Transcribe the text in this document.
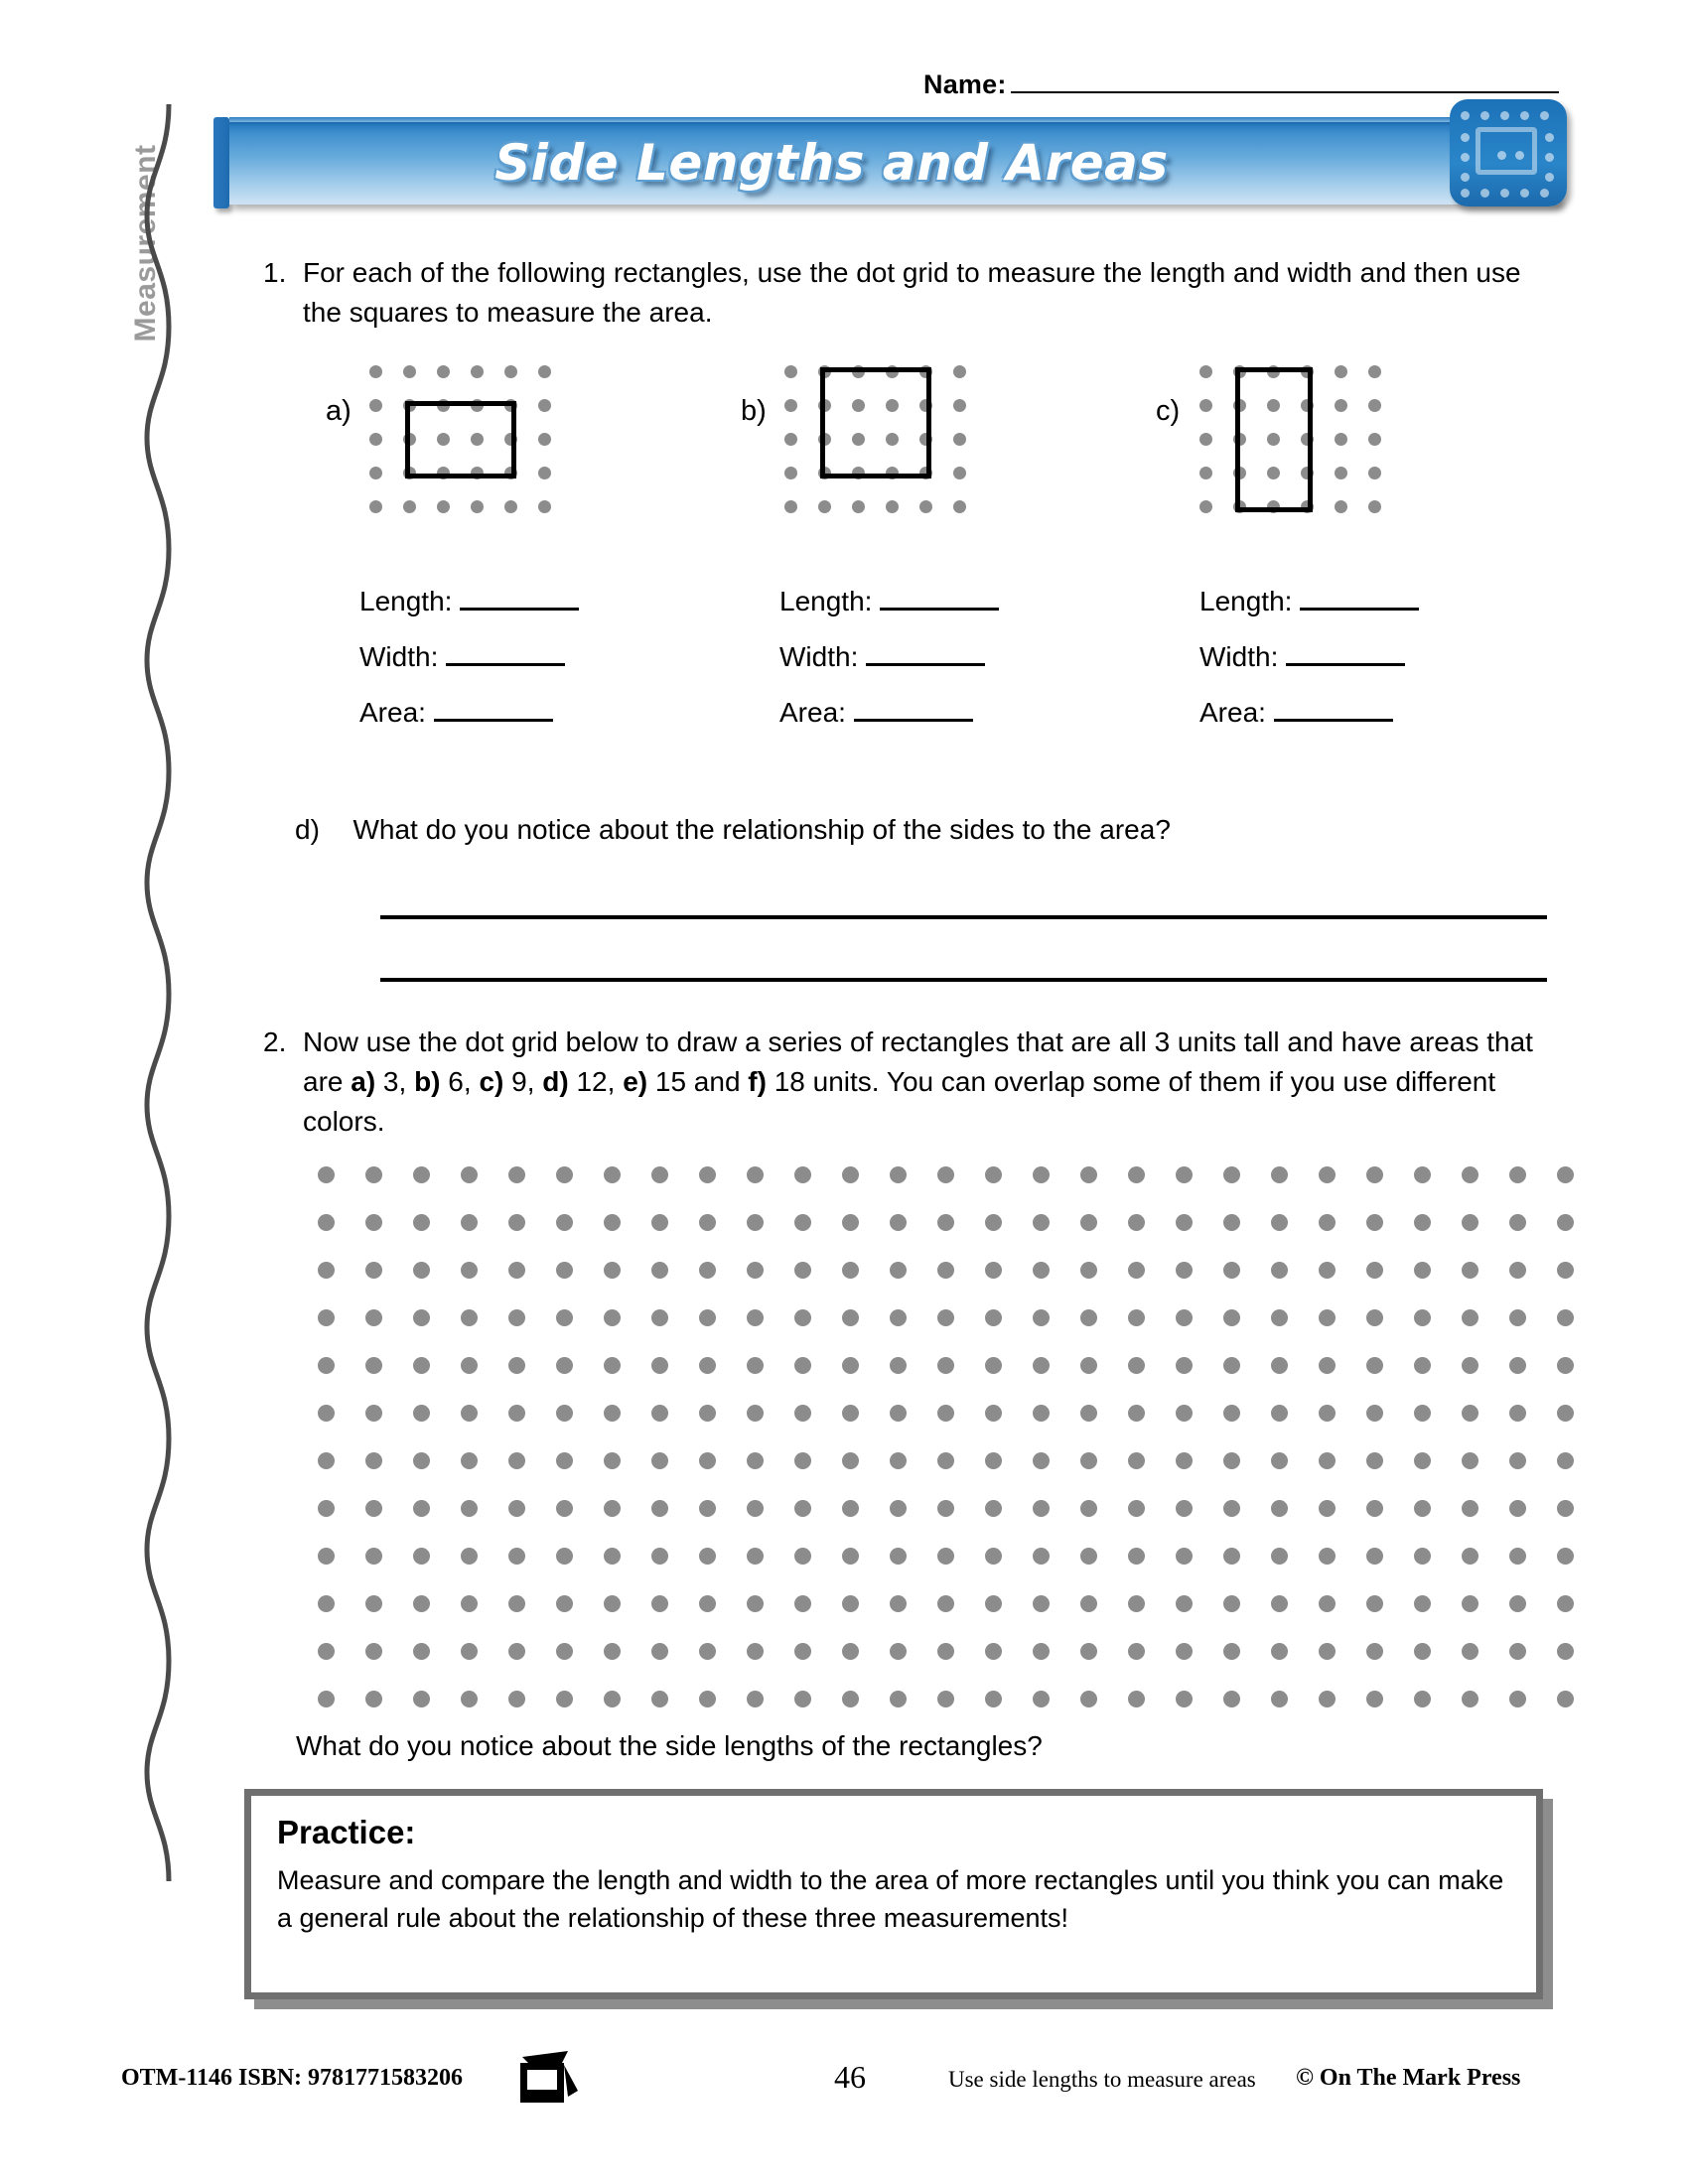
Name:
Measurement	Side Lengths and Areas
1. For each of the following rectangles, use the dot grid to measure the length and width and then use the squares to measure the area.
a)	b)	c)
Length:
Width:
Area:
Length:
Width:
Area:
Length:
Width:
Area:
d) What do you notice about the relationship of the sides to the area?
2. Now use the dot grid below to draw a series of rectangles that are all 3 units tall and have areas that are a) 3, b) 6, c) 9, d) 12, e) 15 and f) 18 units. You can overlap some of them if you use different colors.
What do you notice about the side lengths of the rectangles?
Practice:
Measure and compare the length and width to the area of more rectangles until you think you can make a general rule about the relationship of these three measurements!
OTM-1146 ISBN: 9781771583206	46	Use side lengths to measure areas © On The Mark Press
